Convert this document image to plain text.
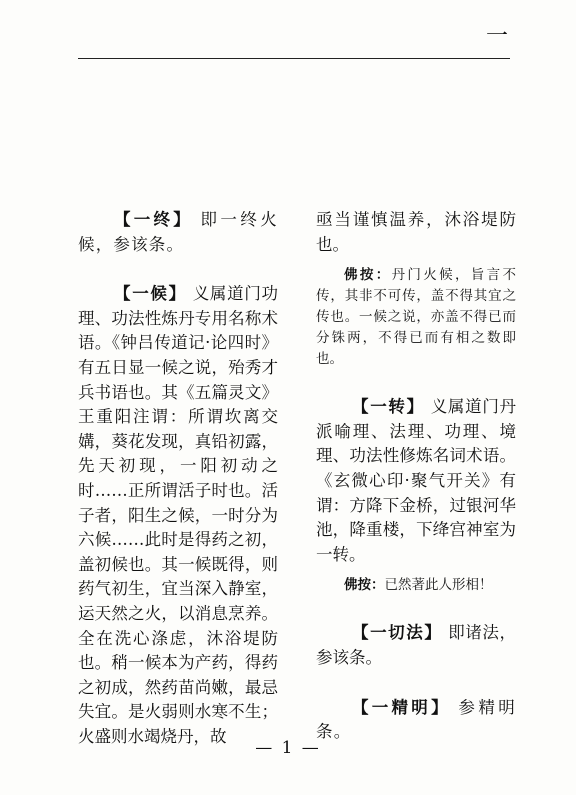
一

【一终】 即一终火候，参该条。

【一候】 义属道门功理、功法性炼丹专用名称术语。《钟吕传道记·论四时》有五日显一候之说，殆秀才兵书语也。其《五篇灵文》王重阳注谓：所谓坎离交媾，葵花发现，真铅初露，先天初现，一阳初动之时……正所谓活子时也。活子者，阳生之候，一时分为六候……此时是得药之初，盖初候也。其一候既得，则药气初生，宜当深入静室，运天然之火，以消息烹养。全在洗心涤虑，沐浴堤防也。稍一候本为产药，得药之初成，然药苗尚嫩，最忌失宜。是火弱则水寒不生；火盛则水竭烧丹，故

亟当谨慎温养，沐浴堤防也。

佛按：丹门火候，旨言不传，其非不可传，盖不得其宜之传也。一候之说，亦盖不得已而分铢两，不得已而有相之数即也。

【一转】 义属道门丹派喻理、法理、功理、境理、功法性修炼名词术语。《玄微心印·聚气开关》有谓：方降下金桥，过银河华池，降重楼，下绛宫神室为一转。

佛按：已然著此人形相！

【一切法】 即诸法，参该条。

【一精明】 参精明条。

— 1 —
